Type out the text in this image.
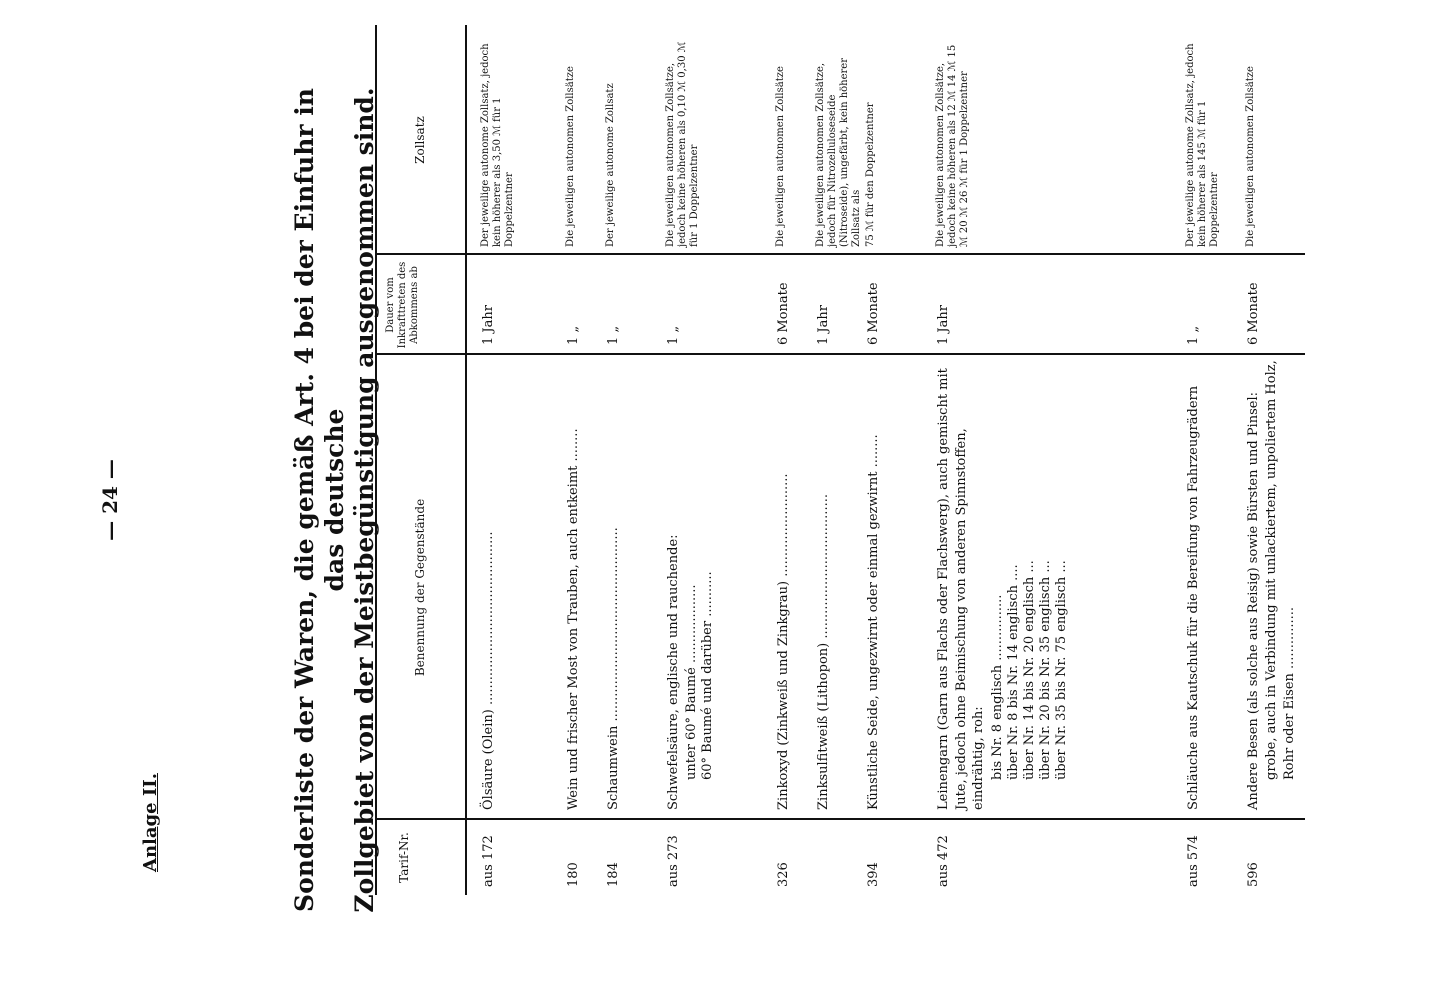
— 24 —
Anlage II.	Sonderliste der Waren, die gemäß Art. 4 bei der Einfuhr in das deutsche Zollgebiet von der Meistbegünstigung ausgenommen sind. Tarif-Nr.
Benennung der Gegenstände
Dauer vom Inkrafttreten des Abkommens ab
Zollsatz
aus 172
Ölsäure (Olein) ..........................................
1 Jahr
Der jeweilige autonome Zollsatz, jedoch kein höherer als 3,50 ℳ für 1 Doppelzentner
180
Wein und frischer Most von Trauben, auch entkeimt ........
1 „
Die jeweiligen autonomen Zollsätze
184
Schaumwein ...............................................
1 „
Der jeweilige autonome Zollsatz
aus 273
Schwefelsäure, englische und rauchende: unter 60° Baumé ................... 60° Baumé und darüber ...........
1 „
Die jeweiligen autonomen Zollsätze, jedoch keine höheren als 0,10 ℳ 0,30 ℳ für 1 Doppelzentner
326
Zinkoxyd (Zinkweiß und Zinkgrau) .........................
6 Monate
Die jeweiligen autonomen Zollsätze
Zinksulfitweiß (Lithopon) ...................................
1 Jahr
Die jeweiligen autonomen Zollsätze, jedoch für Nitrozelluloseseide (Nitroseide), ungefärbt, kein höherer Zollsatz als
394
Künstliche Seide, ungezwirnt oder einmal gezwirnt ........
6 Monate
75 ℳ für den Doppelzentner
aus 472
Leinengarn (Garn aus Flachs oder Flachswerg), auch gemischt mit Jute, jedoch ohne Beimischung von anderen Spinnstoffen, eindrähtig, roh: bis Nr. 8 englisch ................ über Nr. 8 bis Nr. 14 englisch .... über Nr. 14 bis Nr. 20 englisch ... über Nr. 20 bis Nr. 35 englisch ... über Nr. 35 bis Nr. 75 englisch ...
1 Jahr
Die jeweiligen autonomen Zollsätze, jedoch keine höheren als 12 ℳ 14 ℳ 15 ℳ 20 ℳ 26 ℳ für 1 Doppelzentner
aus 574
Schläuche aus Kautschuk für die Bereifung von Fahrzeugrädern
1 „
Der jeweilige autonome Zollsatz, jedoch kein höherer als 145 ℳ für 1 Doppelzentner
596
Andere Besen (als solche aus Reisig) sowie Bürsten und Pinsel: grobe, auch in Verbindung mit unlackiertem, unpoliertem Holz, Rohr oder Eisen ...............
6 Monate
Die jeweiligen autonomen Zollsätze
